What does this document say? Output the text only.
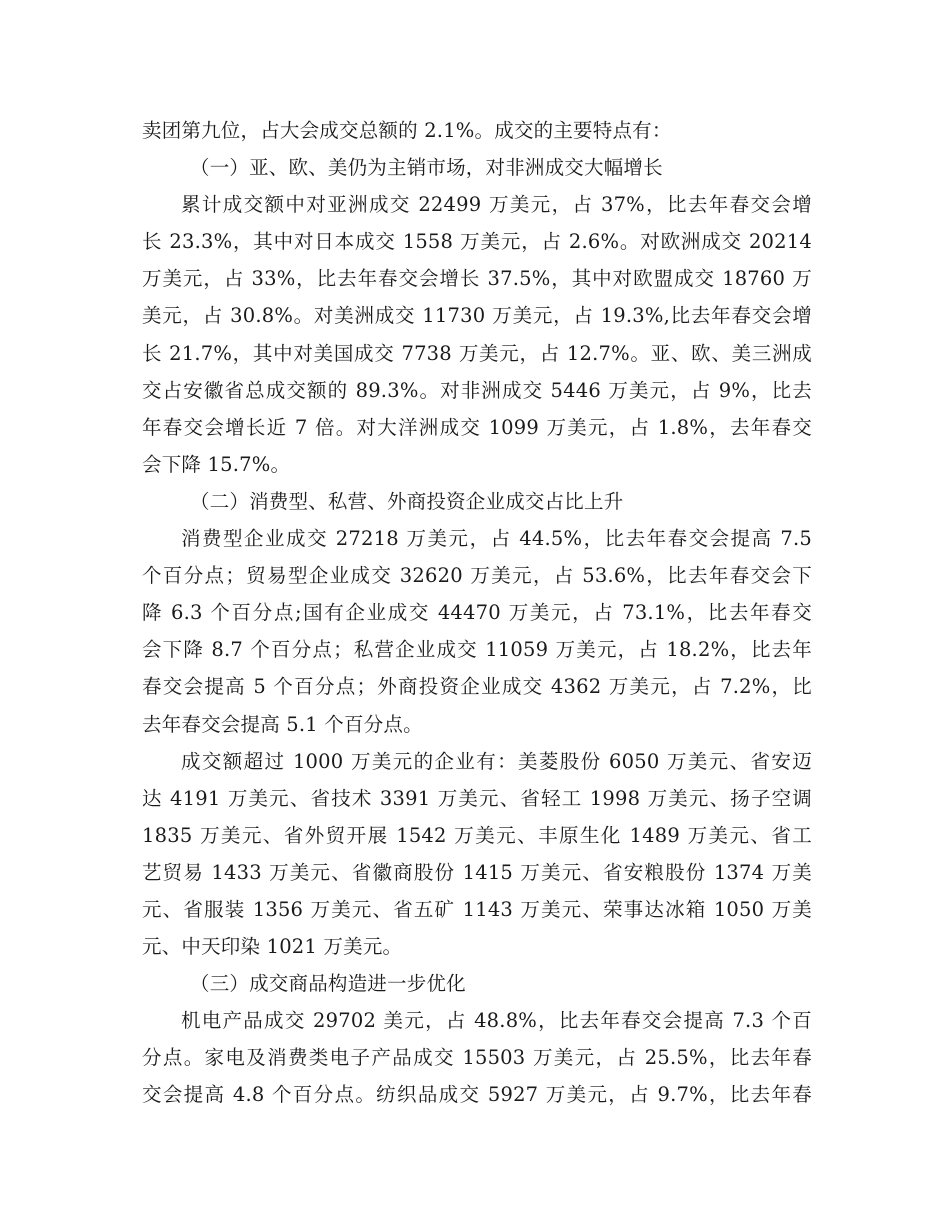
卖团第九位，占大会成交总额的 2.1%。成交的主要特点有：
（一）亚、欧、美仍为主销市场，对非洲成交大幅增长
累计成交额中对亚洲成交 22499 万美元，占 37%，比去年春交会增
长 23.3%，其中对日本成交 1558 万美元，占 2.6%。对欧洲成交 20214
万美元，占 33%，比去年春交会增长 37.5%，其中对欧盟成交 18760 万
美元，占 30.8%。对美洲成交 11730 万美元，占 19.3%,比去年春交会增
长 21.7%，其中对美国成交 7738 万美元，占 12.7%。亚、欧、美三洲成
交占安徽省总成交额的 89.3%。对非洲成交 5446 万美元，占 9%，比去
年春交会增长近 7 倍。对大洋洲成交 1099 万美元，占 1.8%，去年春交
会下降 15.7%。
（二）消费型、私营、外商投资企业成交占比上升
消费型企业成交 27218 万美元，占 44.5%，比去年春交会提高 7.5
个百分点；贸易型企业成交 32620 万美元，占 53.6%，比去年春交会下
降 6.3 个百分点;国有企业成交 44470 万美元，占 73.1%，比去年春交
会下降 8.7 个百分点；私营企业成交 11059 万美元，占 18.2%，比去年
春交会提高 5 个百分点；外商投资企业成交 4362 万美元，占 7.2%，比
去年春交会提高 5.1 个百分点。
成交额超过 1000 万美元的企业有：美菱股份 6050 万美元、省安迈
达 4191 万美元、省技术 3391 万美元、省轻工 1998 万美元、扬子空调
1835 万美元、省外贸开展 1542 万美元、丰原生化 1489 万美元、省工
艺贸易 1433 万美元、省徽商股份 1415 万美元、省安粮股份 1374 万美
元、省服装 1356 万美元、省五矿 1143 万美元、荣事达冰箱 1050 万美
元、中天印染 1021 万美元。
（三）成交商品构造进一步优化
机电产品成交 29702 美元，占 48.8%，比去年春交会提高 7.3 个百
分点。家电及消费类电子产品成交 15503 万美元，占 25.5%，比去年春
交会提高 4.8 个百分点。纺织品成交 5927 万美元，占 9.7%，比去年春
